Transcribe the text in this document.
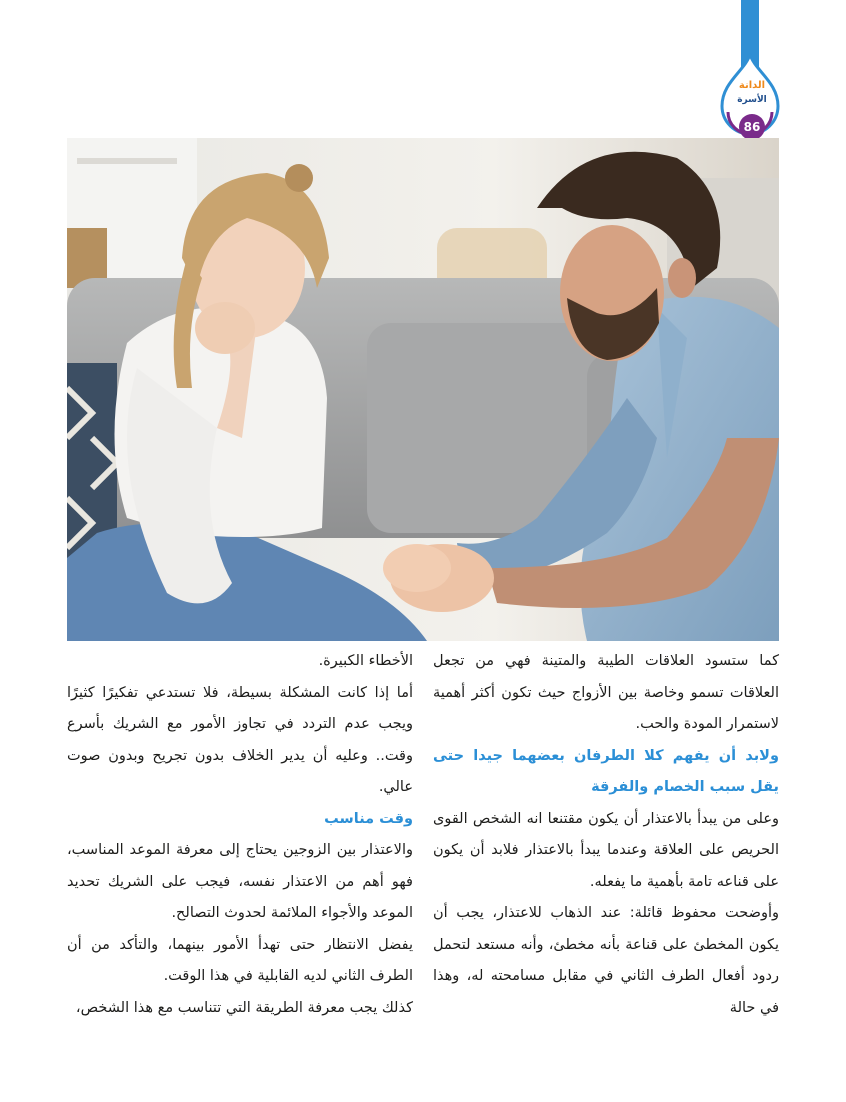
الدانة
الأسرة
86

كما ستسود العلاقات الطيبة والمتينة فهي من تجعل العلاقات تسمو وخاصة بين الأزواج حيث تكون أكثر أهمية لاستمرار المودة والحب.

ولابد أن يفهم كلا الطرفان بعضهما جيدا حتى يقل سبب الخصام والفرقة

وعلى من يبدأ بالاعتذار أن يكون مقتنعا انه الشخص القوى الحريص على العلاقة وعندما يبدأ بالاعتذار فلابد أن يكون على قناعه تامة بأهمية ما يفعله.

وأوضحت محفوظ قائلة: عند الذهاب للاعتذار، يجب أن يكون المخطئ على قناعة بأنه مخطئ، وأنه مستعد لتحمل ردود أفعال الطرف الثاني في مقابل مسامحته له، وهذا في حالة

الأخطاء الكبيرة.

أما إذا كانت المشكلة بسيطة، فلا تستدعي تفكيرًا كثيرًا ويجب عدم التردد في تجاوز الأمور مع الشريك بأسرع وقت.. وعليه أن يدير الخلاف بدون تجريح وبدون صوت عالي.

وقت مناسب

والاعتذار بين الزوجين يحتاج إلى معرفة الموعد المناسب، فهو أهم من الاعتذار نفسه، فيجب على الشريك تحديد الموعد والأجواء الملائمة لحدوث التصالح.

يفضل الانتظار حتى تهدأ الأمور بينهما، والتأكد من أن الطرف الثاني لديه القابلية في هذا الوقت.

كذلك يجب معرفة الطريقة التي تتناسب مع هذا الشخص،
